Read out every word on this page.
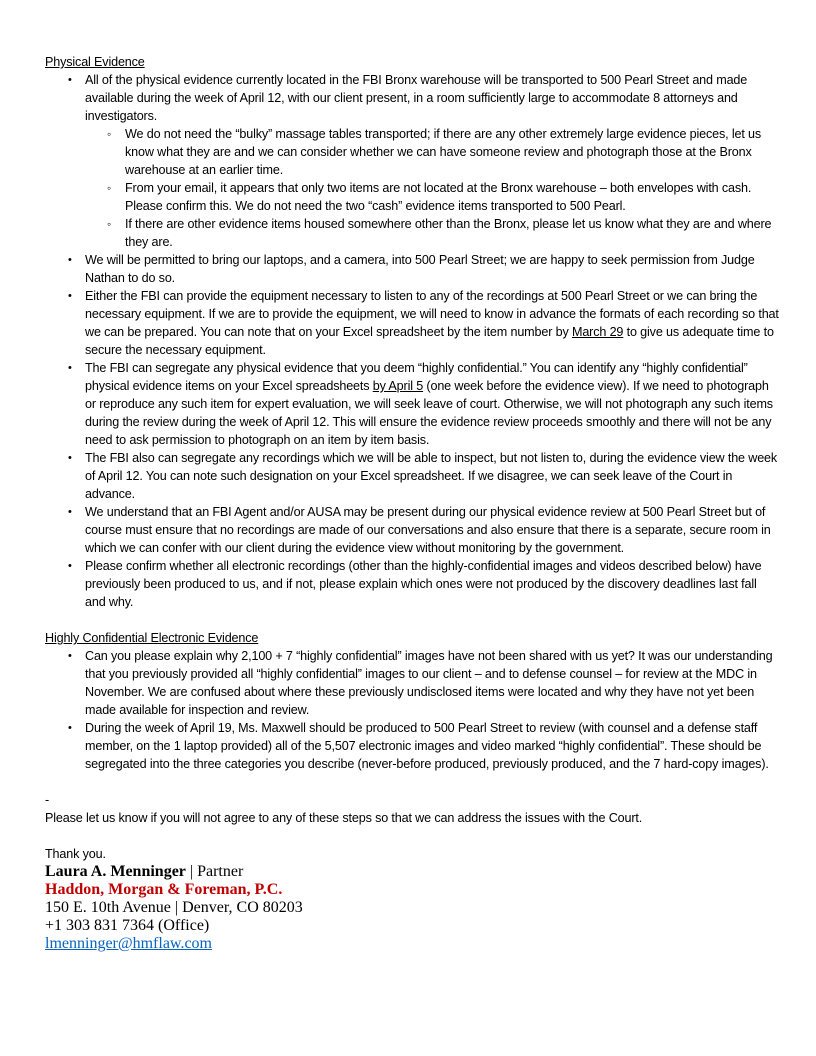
Physical Evidence

• All of the physical evidence currently located in the FBI Bronx warehouse will be transported to 500 Pearl Street and made available during the week of April 12, with our client present, in a room sufficiently large to accommodate 8 attorneys and investigators.
◦ We do not need the “bulky” massage tables transported; if there are any other extremely large evidence pieces, let us know what they are and we can consider whether we can have someone review and photograph those at the Bronx warehouse at an earlier time.
◦ From your email, it appears that only two items are not located at the Bronx warehouse – both envelopes with cash. Please confirm this. We do not need the two “cash” evidence items transported to 500 Pearl.
◦ If there are other evidence items housed somewhere other than the Bronx, please let us know what they are and where they are.
• We will be permitted to bring our laptops, and a camera, into 500 Pearl Street; we are happy to seek permission from Judge Nathan to do so.
• Either the FBI can provide the equipment necessary to listen to any of the recordings at 500 Pearl Street or we can bring the necessary equipment. If we are to provide the equipment, we will need to know in advance the formats of each recording so that we can be prepared. You can note that on your Excel spreadsheet by the item number by March 29 to give us adequate time to secure the necessary equipment.
• The FBI can segregate any physical evidence that you deem “highly confidential.” You can identify any “highly confidential” physical evidence items on your Excel spreadsheets by April 5 (one week before the evidence view). If we need to photograph or reproduce any such item for expert evaluation, we will seek leave of court. Otherwise, we will not photograph any such items during the review during the week of April 12. This will ensure the evidence review proceeds smoothly and there will not be any need to ask permission to photograph on an item by item basis.
• The FBI also can segregate any recordings which we will be able to inspect, but not listen to, during the evidence view the week of April 12. You can note such designation on your Excel spreadsheet. If we disagree, we can seek leave of the Court in advance.
• We understand that an FBI Agent and/or AUSA may be present during our physical evidence review at 500 Pearl Street but of course must ensure that no recordings are made of our conversations and also ensure that there is a separate, secure room in which we can confer with our client during the evidence view without monitoring by the government.
• Please confirm whether all electronic recordings (other than the highly-confidential images and videos described below) have previously been produced to us, and if not, please explain which ones were not produced by the discovery deadlines last fall and why.

Highly Confidential Electronic Evidence

• Can you please explain why 2,100 + 7 “highly confidential” images have not been shared with us yet? It was our understanding that you previously provided all “highly confidential” images to our client – and to defense counsel – for review at the MDC in November. We are confused about where these previously undisclosed items were located and why they have not yet been made available for inspection and review.
• During the week of April 19, Ms. Maxwell should be produced to 500 Pearl Street to review (with counsel and a defense staff member, on the 1 laptop provided) all of the 5,507 electronic images and video marked “highly confidential”. These should be segregated into the three categories you describe (never-before produced, previously produced, and the 7 hard-copy images).
-

Please let us know if you will not agree to any of these steps so that we can address the issues with the Court.

Thank you.

Laura A. Menninger | Partner
Haddon, Morgan & Foreman, P.C.
150 E. 10th Avenue | Denver, CO 80203
+1 303 831 7364 (Office)
lmenninger@hmflaw.com
